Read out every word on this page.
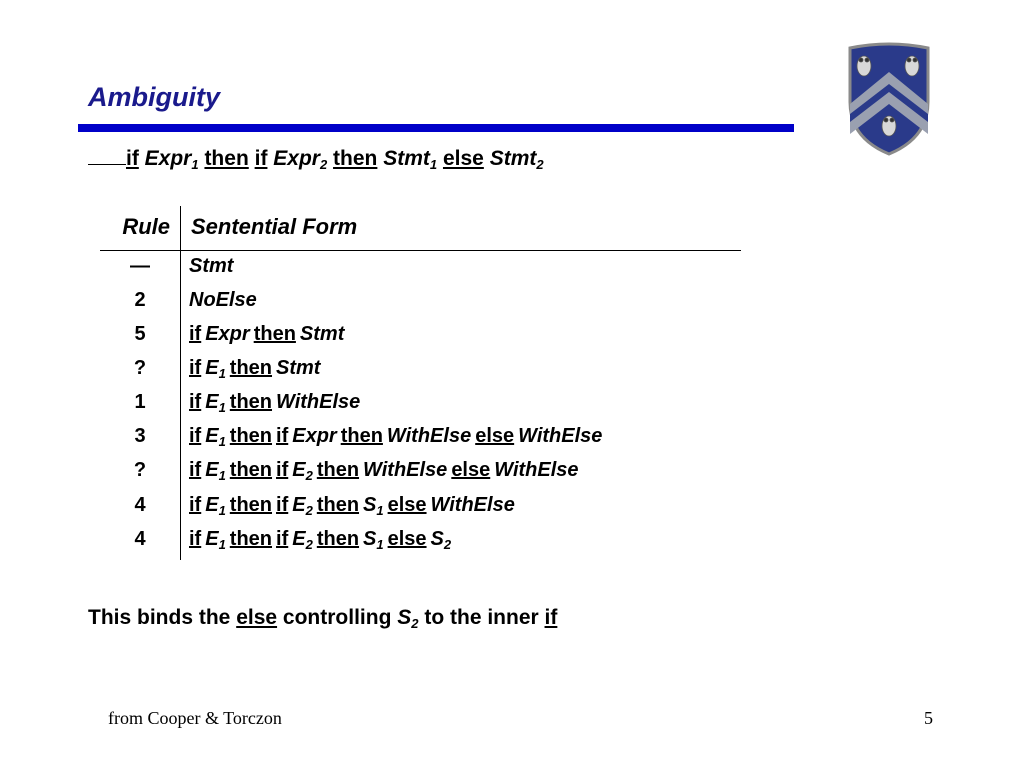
Ambiguity
if Expr$_1$ then if Expr$_2$ then Stmt$_1$ else Stmt$_2$
Rule Sentential Form
—	Stmt
2	NoElse
5	if Expr then Stmt
?	if $E_1$ then Stmt
1	if $E_1$ then WithElse
3	if $E_1$ then if Expr then WithElse else WithElse
?	if $E_1$ then if $E_2$ then WithElse else WithElse
4	if $E_1$ then if $E_2$ then $S_1$ else WithElse
4	if $E_1$ then if $E_2$ then $S_1$ else $S_2$
This binds the else controlling $S_2$ to the inner if
from Cooper & Torczon	5
